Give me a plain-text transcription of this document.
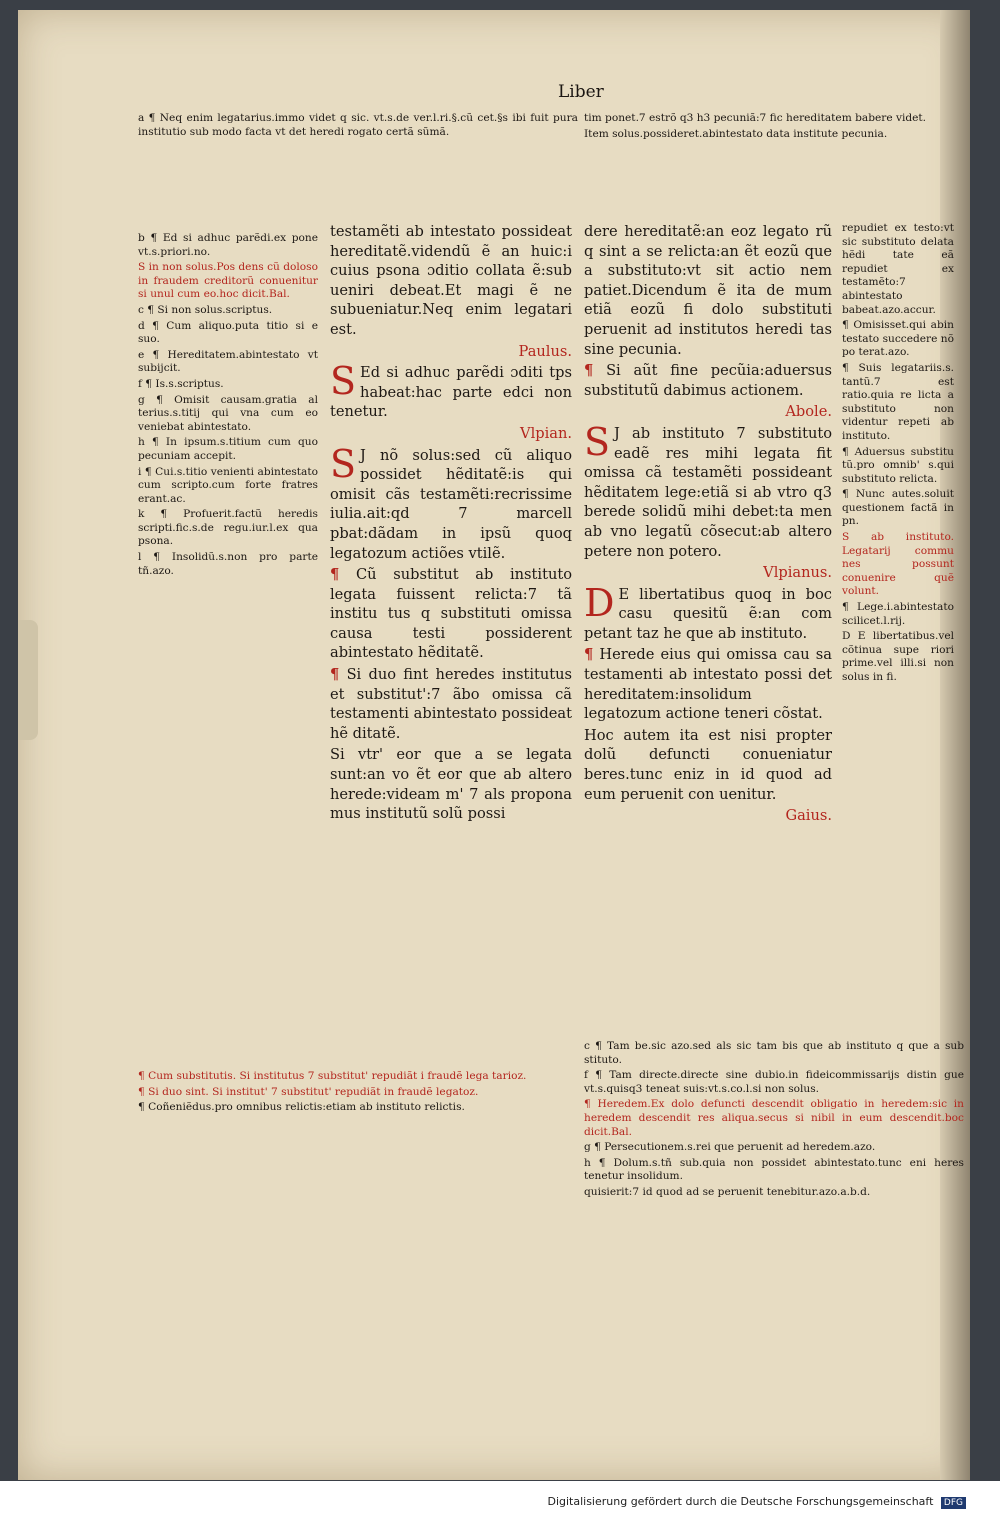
Liber

a ¶ Neq enim legatarius.immo videt q sic. vt.s.de ver.l.ri.§.cũ cet.§s ibi fuit pura institutio sub modo facta vt det heredi rogato certã sũmã.

b ¶ Ed si adhuc parẽdi.ex pone vt.s.priori.no.

S in non solus.Pos dens cũ doloso in fraudem creditorũ conuenitur si unul cum eo.hoc dicit.Bal.

c ¶ Si non solus.scriptus.

d ¶ Cum aliquo.puta titio si e suo.

e ¶ Hereditatem.abintestato vt subijcit.

f ¶ Is.s.scriptus.

g ¶ Omisit causam.gratia al terius.s.titij qui vna cum eo veniebat abintestato.

h ¶ In ipsum.s.titium cum quo pecuniam accepit.

i ¶ Cui.s.titio venienti abintestato cum scripto.cum forte fratres erant.ac.

k ¶ Profuerit.factũ heredis scripti.fic.s.de regu.iur.l.ex qua psona.

l ¶ Insolidũ.s.non pro parte tñ.azo.

testamẽti ab intestato possideat hereditatẽ.videndũ ẽ an huic:i cuius psona ɔditio collata ẽ:sub ueniri debeat.Et magi ẽ ne subueniatur.Neq enim legatari est.

Paulus.

S Ed si adhuc parẽdi ɔditi tps habeat:hac parte edci non tenetur.

Vlpian.

S J nõ solus:sed cũ aliquo possidet hẽditatẽ:is qui omisit cãs testamẽti:recrissime iulia.ait:qd 7 marcell pbat:dãdam in ipsũ quoq legatozum actiões vtilẽ.

¶ Cũ substitut ab instituto legata fuissent relicta:7 tã institu tus q substituti omissa causa testi possiderent abintestato hẽditatẽ.

¶ Si duo fint heredes institutus et substitut':7 ãbo omissa cã testamenti abintestato possideat hẽ ditatẽ.

Si vtr' eor que a se legata sunt:an vo ẽt eor que ab altero herede:videam m' 7 als propona mus institutũ solũ possi

dere hereditatẽ:an eoz legato rũ q sint a se relicta:an ẽt eozũ que a substituto:vt sit actio nem patiet.Dicendum ẽ ita de mum etiã eozũ fi dolo substituti peruenit ad institutos heredi tas sine pecunia.

¶ Si aũt fine pecũia:aduersus substitutũ dabimus actionem.

Abole.

S J ab instituto 7 substituto eadẽ res mihi legata fit omissa cã testamẽti possideant hẽditatem lege:etiã si ab vtro q3 berede solidũ mihi debet:ta men ab vno legatũ cõsecut:ab altero petere non potero.

Vlpianus.

D E libertatibus quoq in boc casu quesitũ ẽ:an com petant taz he que ab instituto.

¶ Herede eius qui omissa cau sa testamenti ab intestato possi det hereditatem:insolidum legatozum actione teneri cõstat.

Hoc autem ita est nisi propter dolũ defuncti conueniatur beres.tunc eniz in id quod ad eum peruenit con uenitur.

Gaius.

tim ponet.7 estrõ q3 h3 pecuniã:7 fic hereditatem babere videt.

Item solus.possideret.abintestato data institute pecunia.

repudiet ex testo:vt sic substituto delata hẽdi tate eã repudiet ex testamẽto:7 abintestato babeat.azo.accur.

¶ Omisisset.qui abin testato succedere nõ po terat.azo.

¶ Suis legatariis.s. tantũ.7 est ratio.quia re licta a substituto non videntur repeti ab instituto.

¶ Aduersus substitu tũ.pro omnib' s.qui substituto relicta.

¶ Nunc autes.soluit questionem factã in pn.

S ab instituto. Legatarij commu nes possunt conuenire quẽ volunt.

¶ Lege.i.abintestato scilicet.l.rij.

D E libertatibus.vel cõtinua supe riori prime.vel illi.si non solus in fi.

¶ Cum substitutis. Si institutus 7 substitut' repudiãt i fraudẽ lega tarioz.

¶ Si duo sint. Si institut' 7 substitut' repudiãt in fraudẽ legatoz.

¶ Coñeniẽdus.pro omnibus relictis:etiam ab instituto relictis.

c ¶ Tam be.sic azo.sed als sic tam bis que ab instituto q que a sub stituto.

f ¶ Tam directe.directe sine dubio.in fideicommissarijs distin gue vt.s.quisq3 teneat suis:vt.s.co.l.si non solus.

¶ Heredem.Ex dolo defuncti descendit obligatio in heredem:sic in heredem descendit res aliqua.secus si nibil in eum descendit.boc dicit.Bal.

g ¶ Persecutionem.s.rei que peruenit ad heredem.azo.

h ¶ Dolum.s.tñ sub.quia non possidet abintestato.tunc eni heres tenetur insolidum.

quisierit:7 id quod ad se peruenit tenebitur.azo.a.b.d.

Digitalisierung gefördert durch die Deutsche Forschungsgemeinschaft DFG
